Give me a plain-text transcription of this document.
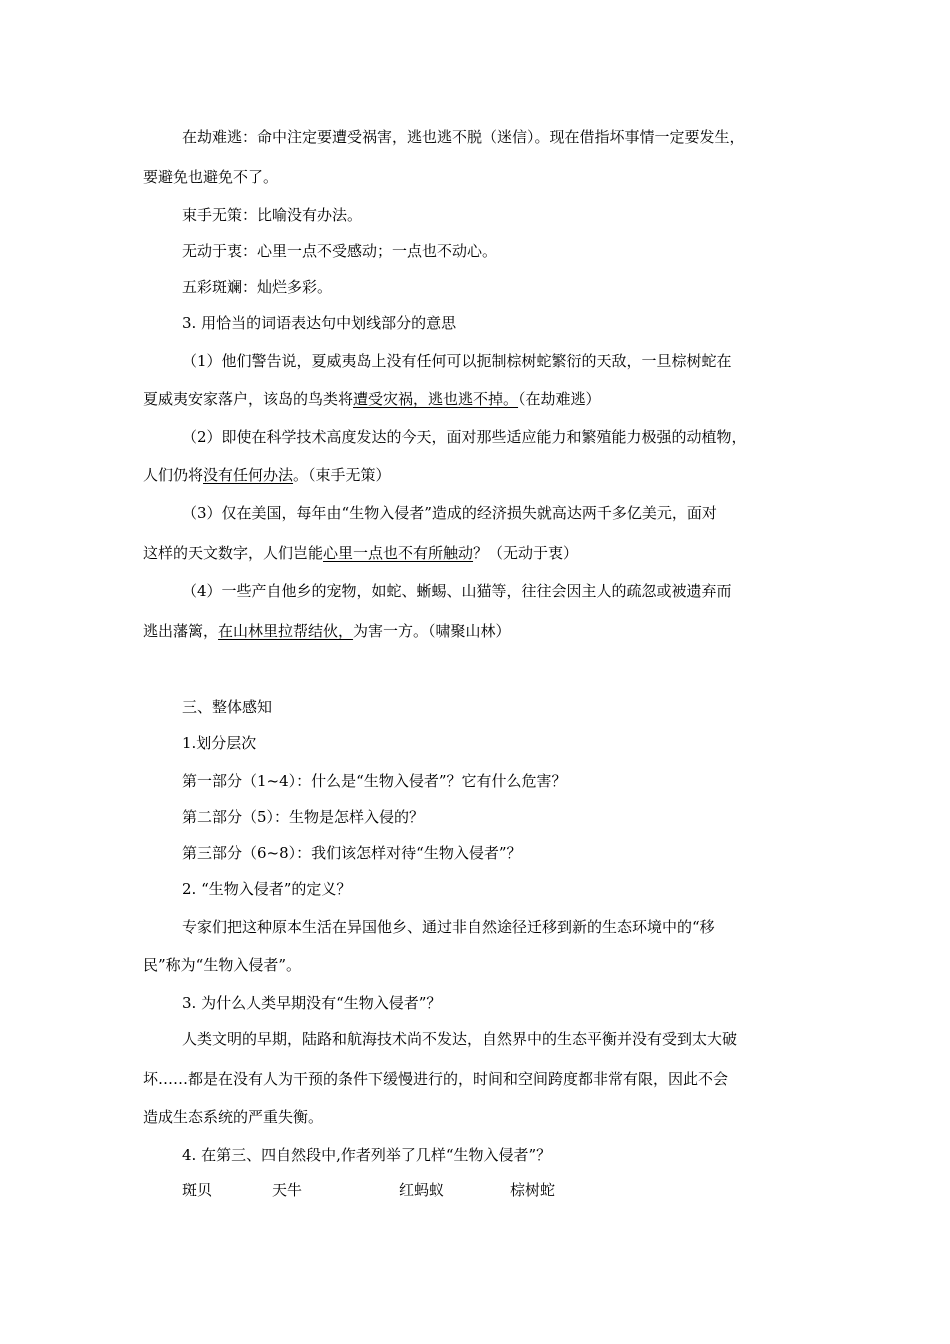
在劫难逃：命中注定要遭受祸害，逃也逃不脱（迷信）。现在借指坏事情一定要发生，
要避免也避免不了。
束手无策：比喻没有办法。
无动于衷：心里一点不受感动；一点也不动心。
五彩斑斓：灿烂多彩。
3. 用恰当的词语表达句中划线部分的意思
（1）他们警告说，夏威夷岛上没有任何可以扼制棕树蛇繁衍的天敌，一旦棕树蛇在
夏威夷安家落户，该岛的鸟类将遭受灾祸，逃也逃不掉。（在劫难逃）
（2）即使在科学技术高度发达的今天，面对那些适应能力和繁殖能力极强的动植物，
人们仍将没有任何办法。（束手无策）
（3）仅在美国，每年由“生物入侵者”造成的经济损失就高达两千多亿美元，面对
这样的天文数字，人们岂能心里一点也不有所触动？（无动于衷）
（4）一些产自他乡的宠物，如蛇、蜥蜴、山猫等，往往会因主人的疏忽或被遗弃而
逃出藩篱，在山林里拉帮结伙，为害一方。（啸聚山林）
三、整体感知
1.划分层次
第一部分（1~4）：什么是“生物入侵者”？它有什么危害？
第二部分（5）：生物是怎样入侵的？
第三部分（6~8）：我们该怎样对待“生物入侵者”？
2. “生物入侵者”的定义？
专家们把这种原本生活在异国他乡、通过非自然途径迁移到新的生态环境中的“移
民”称为“生物入侵者”。
3. 为什么人类早期没有“生物入侵者”？
人类文明的早期，陆路和航海技术尚不发达，自然界中的生态平衡并没有受到太大破
坏……都是在没有人为干预的条件下缓慢进行的，时间和空间跨度都非常有限，因此不会
造成生态系统的严重失衡。
4. 在第三、四自然段中,作者列举了几样“生物入侵者”？
斑贝	天牛	红蚂蚁	棕树蛇
